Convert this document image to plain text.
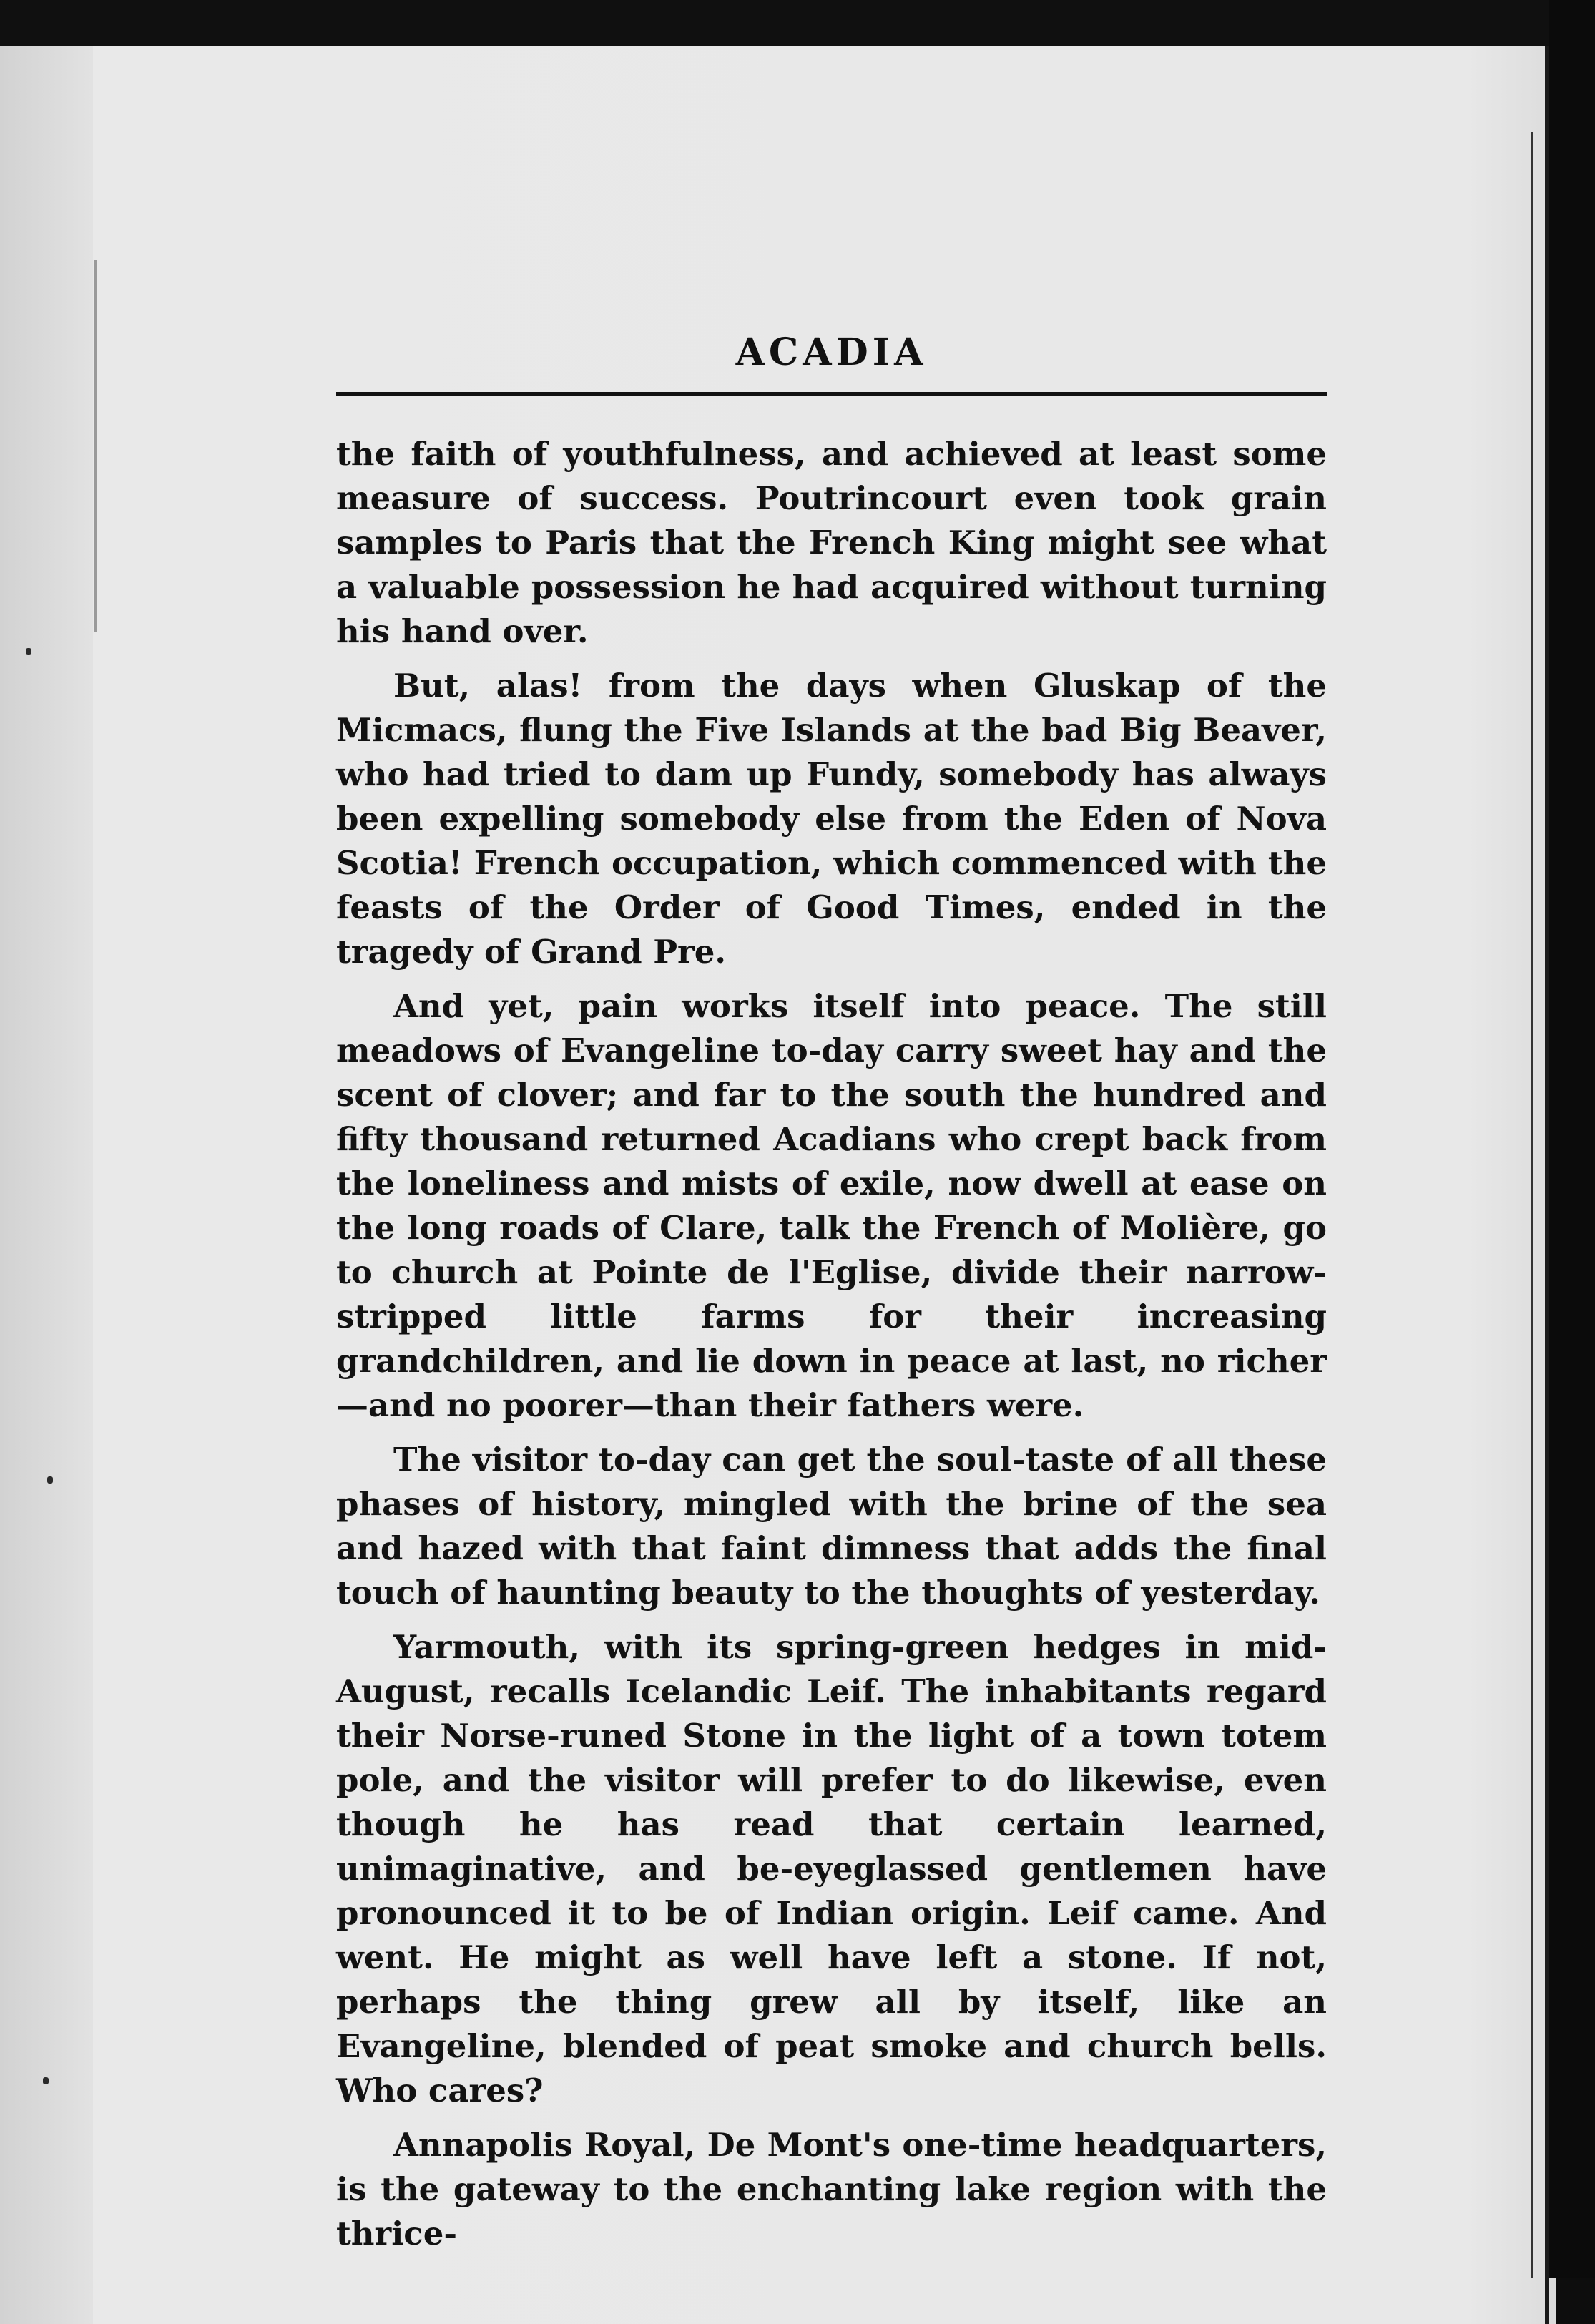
ACADIA

the faith of youthfulness, and achieved at least some measure of success. Poutrincourt even took grain samples to Paris that the French King might see what a valuable possession he had acquired without turning his hand over.

But, alas! from the days when Gluskap of the Micmacs, flung the Five Islands at the bad Big Beaver, who had tried to dam up Fundy, somebody has always been expelling somebody else from the Eden of Nova Scotia! French occupation, which commenced with the feasts of the Order of Good Times, ended in the tragedy of Grand Pre.

And yet, pain works itself into peace. The still meadows of Evangeline to-day carry sweet hay and the scent of clover; and far to the south the hundred and fifty thousand returned Acadians who crept back from the loneliness and mists of exile, now dwell at ease on the long roads of Clare, talk the French of Molière, go to church at Pointe de l'Eglise, divide their narrow-stripped little farms for their increasing grandchildren, and lie down in peace at last, no richer—and no poorer—than their fathers were.

The visitor to-day can get the soul-taste of all these phases of history, mingled with the brine of the sea and hazed with that faint dimness that adds the final touch of haunting beauty to the thoughts of yesterday.

Yarmouth, with its spring-green hedges in mid-August, recalls Icelandic Leif. The inhabitants regard their Norse-runed Stone in the light of a town totem pole, and the visitor will prefer to do likewise, even though he has read that certain learned, unimaginative, and be-eyeglassed gentlemen have pronounced it to be of Indian origin. Leif came. And went. He might as well have left a stone. If not, perhaps the thing grew all by itself, like an Evangeline, blended of peat smoke and church bells. Who cares?

Annapolis Royal, De Mont's one-time headquarters, is the gateway to the enchanting lake region with the thrice-
